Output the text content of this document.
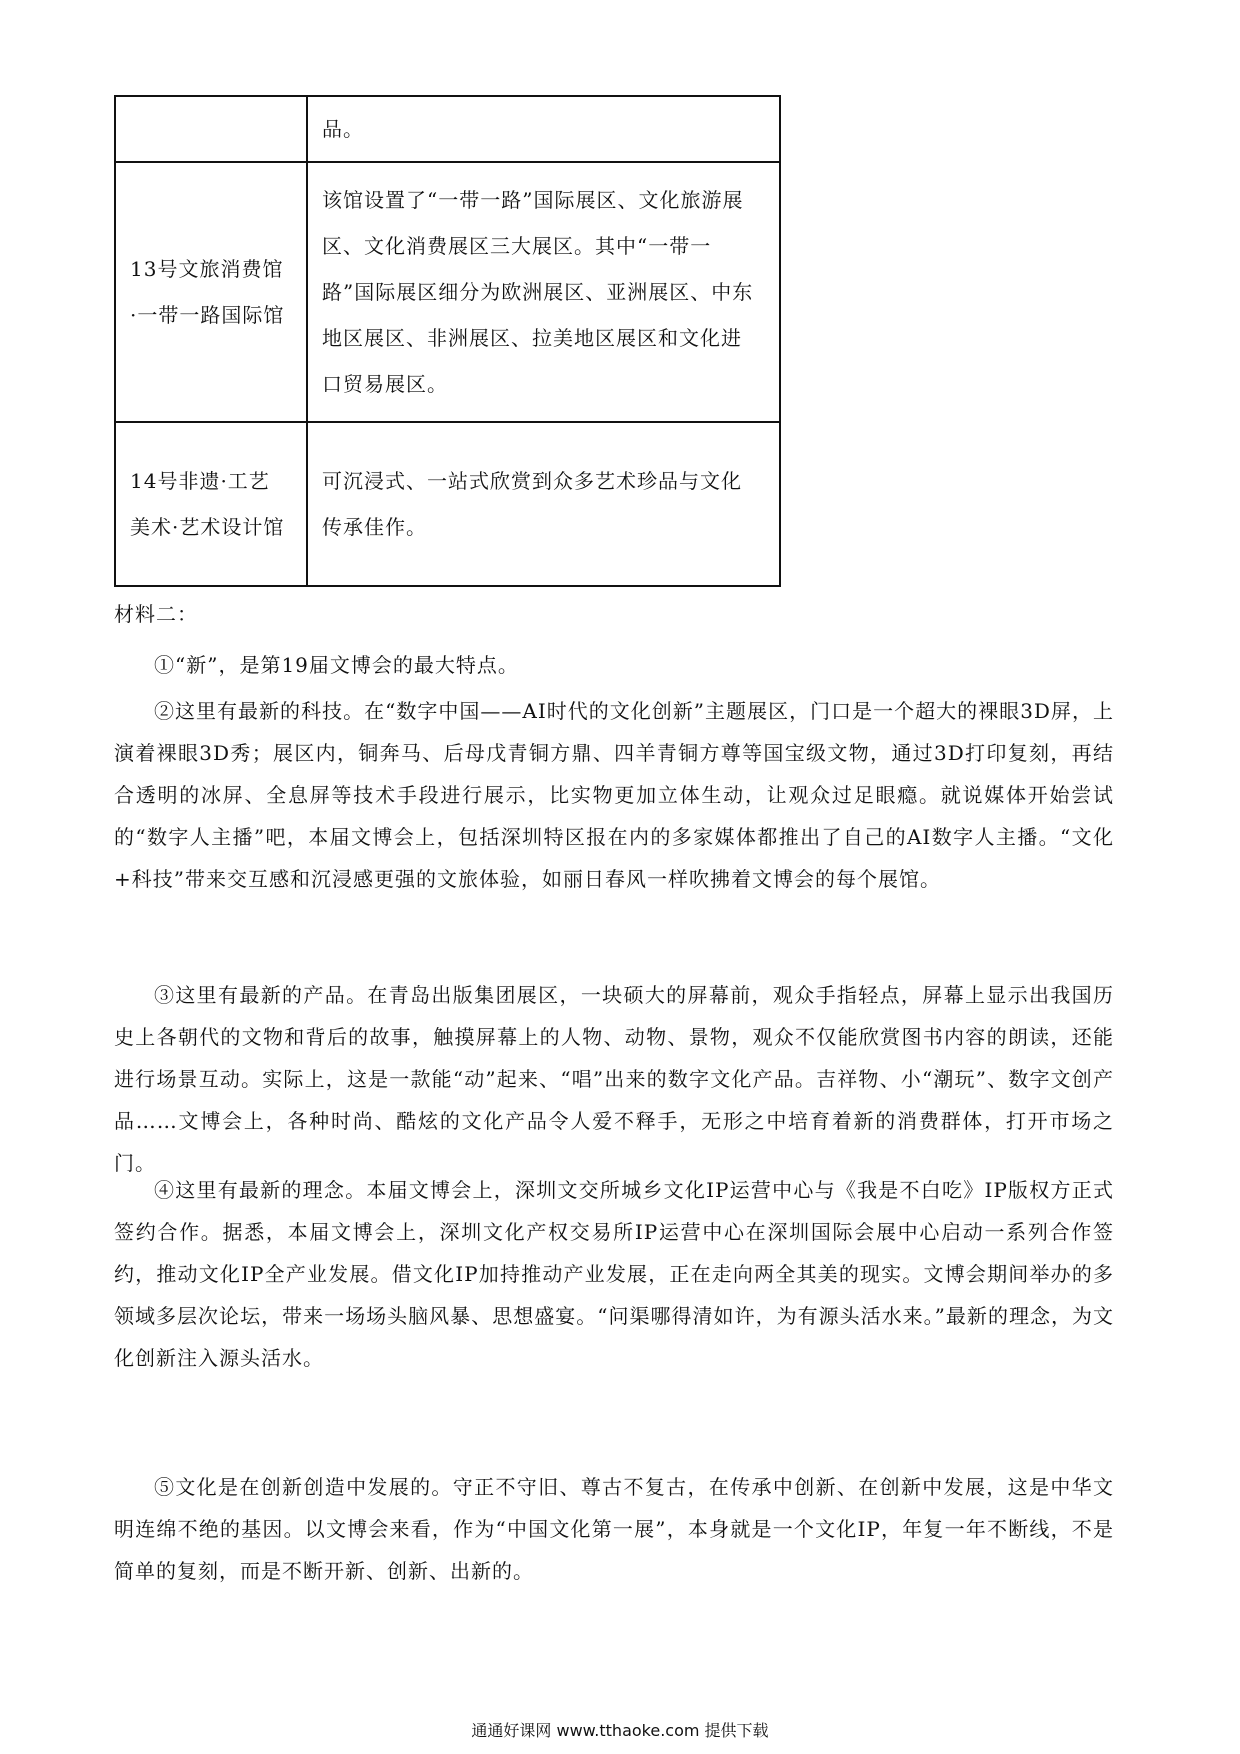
	品。
13号文旅消费馆·一带一路国际馆	该馆设置了“一带一路”国际展区、文化旅游展区、文化消费展区三大展区。其中“一带一路”国际展区细分为欧洲展区、亚洲展区、中东地区展区、非洲展区、拉美地区展区和文化进口贸易展区。
14号非遗·工艺美术·艺术设计馆	可沉浸式、一站式欣赏到众多艺术珍品与文化传承佳作。
材料二：

①“新”，是第19届文博会的最大特点。

②这里有最新的科技。在“数字中国——AI时代的文化创新”主题展区，门口是一个超大的裸眼3D屏，上演着裸眼3D秀；展区内，铜奔马、后母戊青铜方鼎、四羊青铜方尊等国宝级文物，通过3D打印复刻，再结合透明的冰屏、全息屏等技术手段进行展示，比实物更加立体生动，让观众过足眼瘾。就说媒体开始尝试的“数字人主播”吧，本届文博会上，包括深圳特区报在内的多家媒体都推出了自己的AI数字人主播。“文化+科技”带来交互感和沉浸感更强的文旅体验，如丽日春风一样吹拂着文博会的每个展馆。

③这里有最新的产品。在青岛出版集团展区，一块硕大的屏幕前，观众手指轻点，屏幕上显示出我国历史上各朝代的文物和背后的故事，触摸屏幕上的人物、动物、景物，观众不仅能欣赏图书内容的朗读，还能进行场景互动。实际上，这是一款能“动”起来、“唱”出来的数字文化产品。吉祥物、小“潮玩”、数字文创产品……文博会上，各种时尚、酷炫的文化产品令人爱不释手，无形之中培育着新的消费群体，打开市场之门。

④这里有最新的理念。本届文博会上，深圳文交所城乡文化IP运营中心与《我是不白吃》IP版权方正式签约合作。据悉，本届文博会上，深圳文化产权交易所IP运营中心在深圳国际会展中心启动一系列合作签约，推动文化IP全产业发展。借文化IP加持推动产业发展，正在走向两全其美的现实。文博会期间举办的多领域多层次论坛，带来一场场头脑风暴、思想盛宴。“问渠哪得清如许，为有源头活水来。”最新的理念，为文化创新注入源头活水。

⑤文化是在创新创造中发展的。守正不守旧、尊古不复古，在传承中创新、在创新中发展，这是中华文明连绵不绝的基因。以文博会来看，作为“中国文化第一展”，本身就是一个文化IP，年复一年不断线，不是简单的复刻，而是不断开新、创新、出新的。

通通好课网 www.tthaoke.com 提供下载
